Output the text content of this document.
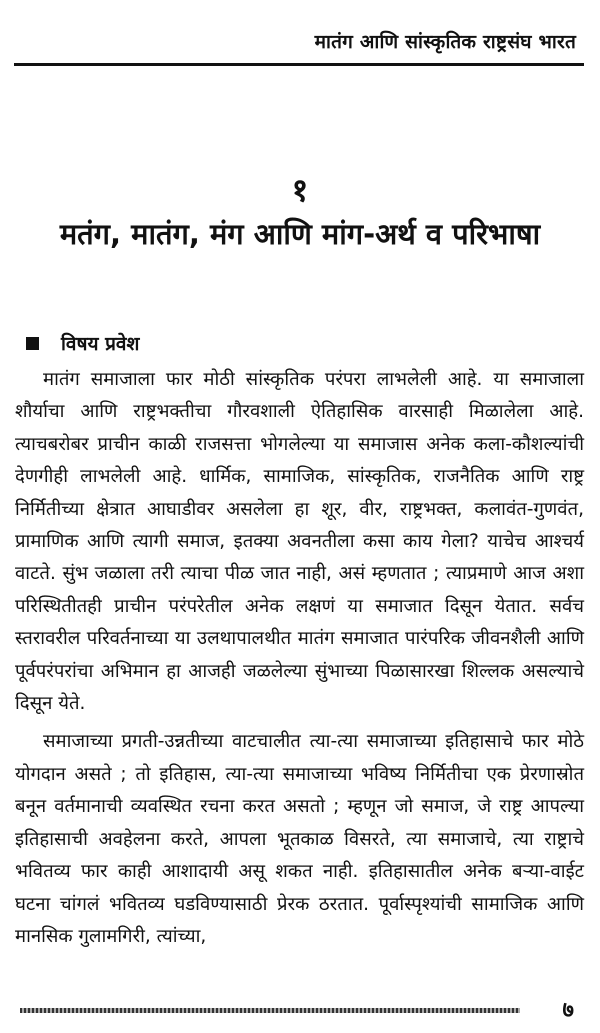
मातंग आणि सांस्कृतिक राष्ट्रसंघ भारत
१
मतंग, मातंग, मंग आणि मांग-अर्थ व परिभाषा
विषय प्रवेश

मातंग समाजाला फार मोठी सांस्कृतिक परंपरा लाभलेली आहे. या समाजाला शौर्याचा आणि राष्ट्रभक्तीचा गौरवशाली ऐतिहासिक वारसाही मिळालेला आहे. त्याचबरोबर प्राचीन काळी राजसत्ता भोगलेल्या या समाजास अनेक कला-कौशल्यांची देणगीही लाभलेली आहे. धार्मिक, सामाजिक, सांस्कृतिक, राजनैतिक आणि राष्ट्र निर्मितीच्या क्षेत्रात आघाडीवर असलेला हा शूर, वीर, राष्ट्रभक्त, कलावंत-गुणवंत, प्रामाणिक आणि त्यागी समाज, इतक्या अवनतीला कसा काय गेला? याचेच आश्चर्य वाटते. सुंभ जळाला तरी त्याचा पीळ जात नाही, असं म्हणतात ; त्याप्रमाणे आज अशा परिस्थितीतही प्राचीन परंपरेतील अनेक लक्षणं या समाजात दिसून येतात. सर्वच स्तरावरील परिवर्तनाच्या या उलथापालथीत मातंग समाजात पारंपरिक जीवनशैली आणि पूर्वपरंपरांचा अभिमान हा आजही जळलेल्या सुंभाच्या पिळासारखा शिल्लक असल्याचे दिसून येते.

समाजाच्या प्रगती-उन्नतीच्या वाटचालीत त्या-त्या समाजाच्या इतिहासाचे फार मोठे योगदान असते ; तो इतिहास, त्या-त्या समाजाच्या भविष्य निर्मितीचा एक प्रेरणास्रोत बनून वर्तमानाची व्यवस्थित रचना करत असतो ; म्हणून जो समाज, जे राष्ट्र आपल्या इतिहासाची अवहेलना करते, आपला भूतकाळ विसरते, त्या समाजाचे, त्या राष्ट्राचे भवितव्य फार काही आशादायी असू शकत नाही. इतिहासातील अनेक बऱ्या-वाईट घटना चांगलं भवितव्य घडविण्यासाठी प्रेरक ठरतात. पूर्वास्पृश्यांची सामाजिक आणि मानसिक गुलामगिरी, त्यांच्या,

७
